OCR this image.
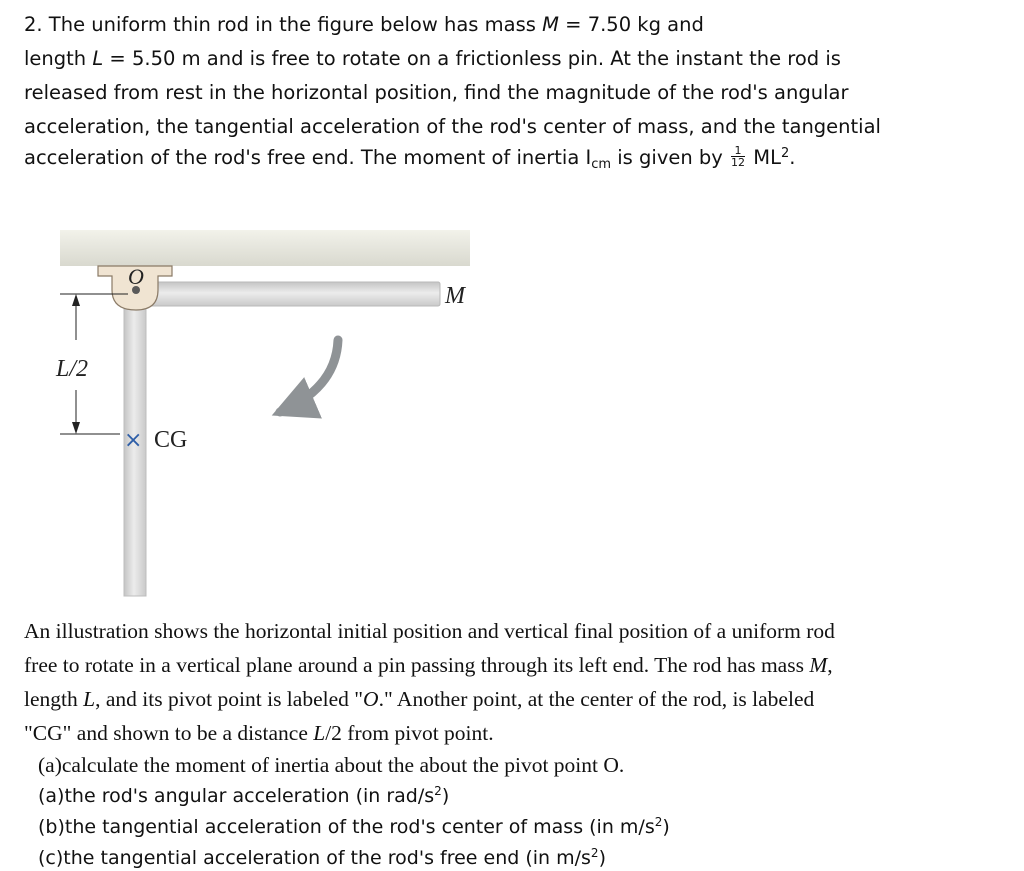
2. The uniform thin rod in the figure below has mass M = 7.50 kg and
length L = 5.50 m and is free to rotate on a frictionless pin. At the instant the rod is
released from rest in the horizontal position, find the magnitude of the rod's angular
acceleration, the tangential acceleration of the rod's center of mass, and the tangential
acceleration of the rod's free end. The moment of inertia $I_{cm}$ is given by $\frac{1}{12} ML^2$.
O
M
L/2
× CG
An illustration shows the horizontal initial position and vertical final position of a uniform rod
free to rotate in a vertical plane around a pin passing through its left end. The rod has mass M,
length L, and its pivot point is labeled "O." Another point, at the center of the rod, is labeled
"CG" and shown to be a distance L/2 from pivot point.
(a)calculate the moment of inertia about the about the pivot point O.
(a)the rod's angular acceleration (in rad/$s^2$)
(b)the tangential acceleration of the rod's center of mass (in $m/s^2$)
(c)the tangential acceleration of the rod's free end (in $m/s^2$)
